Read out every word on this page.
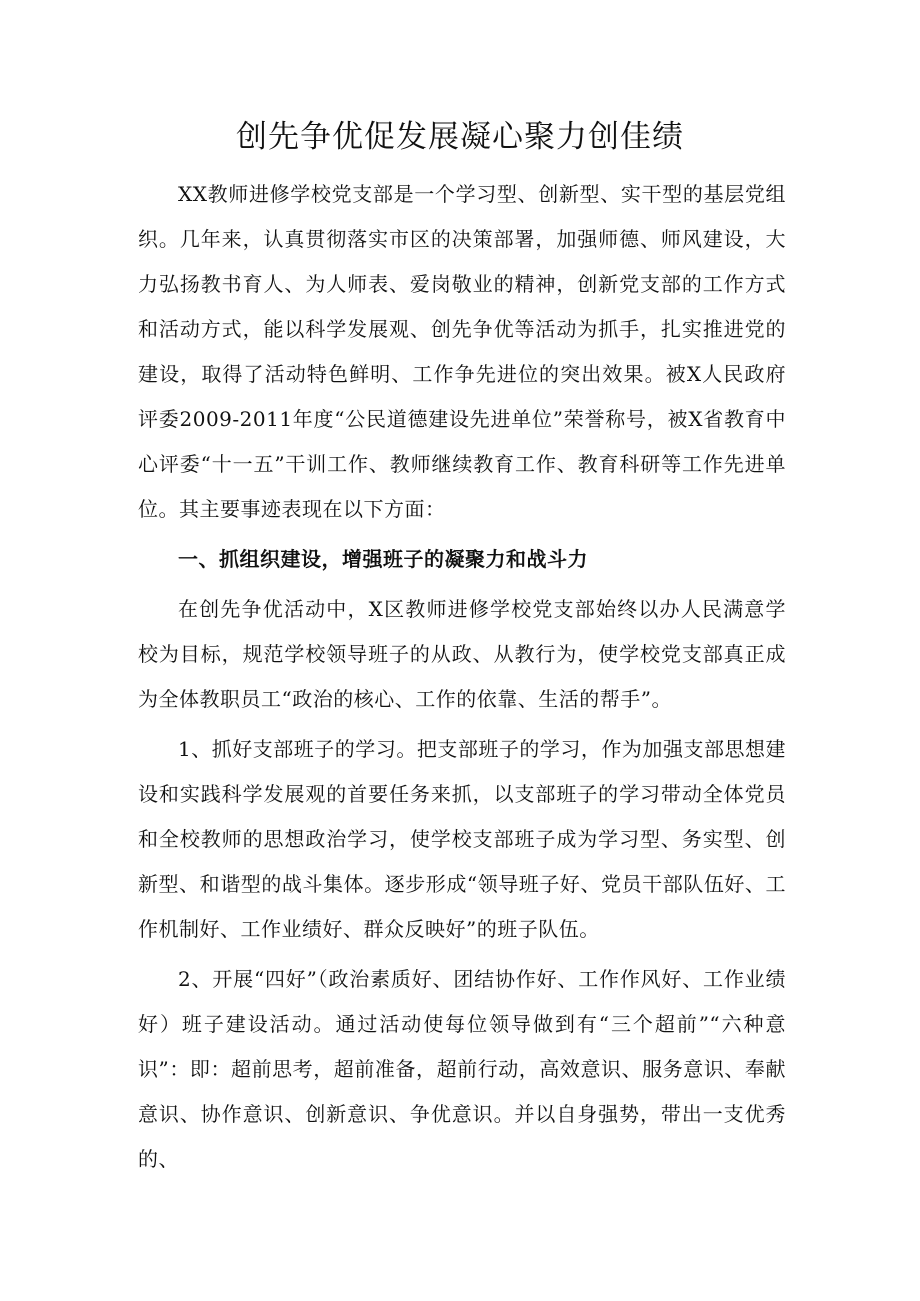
创先争优促发展凝心聚力创佳绩

XX教师进修学校党支部是一个学习型、创新型、实干型的基层党组织。几年来，认真贯彻落实市区的决策部署，加强师德、师风建设，大力弘扬教书育人、为人师表、爱岗敬业的精神，创新党支部的工作方式和活动方式，能以科学发展观、创先争优等活动为抓手，扎实推进党的建设，取得了活动特色鲜明、工作争先进位的突出效果。被X人民政府评委2009-2011年度“公民道德建设先进单位”荣誉称号，被X省教育中心评委“十一五”干训工作、教师继续教育工作、教育科研等工作先进单位。其主要事迹表现在以下方面：

一、抓组织建设，增强班子的凝聚力和战斗力

在创先争优活动中，X区教师进修学校党支部始终以办人民满意学校为目标，规范学校领导班子的从政、从教行为，使学校党支部真正成为全体教职员工“政治的核心、工作的依靠、生活的帮手”。

1、抓好支部班子的学习。把支部班子的学习，作为加强支部思想建设和实践科学发展观的首要任务来抓，以支部班子的学习带动全体党员和全校教师的思想政治学习，使学校支部班子成为学习型、务实型、创新型、和谐型的战斗集体。逐步形成“领导班子好、党员干部队伍好、工作机制好、工作业绩好、群众反映好”的班子队伍。

2、开展“四好”（政治素质好、团结协作好、工作作风好、工作业绩好）班子建设活动。通过活动使每位领导做到有“三个超前”“六种意识”：即：超前思考，超前准备，超前行动，高效意识、服务意识、奉献意识、协作意识、创新意识、争优意识。并以自身强势，带出一支优秀的、
